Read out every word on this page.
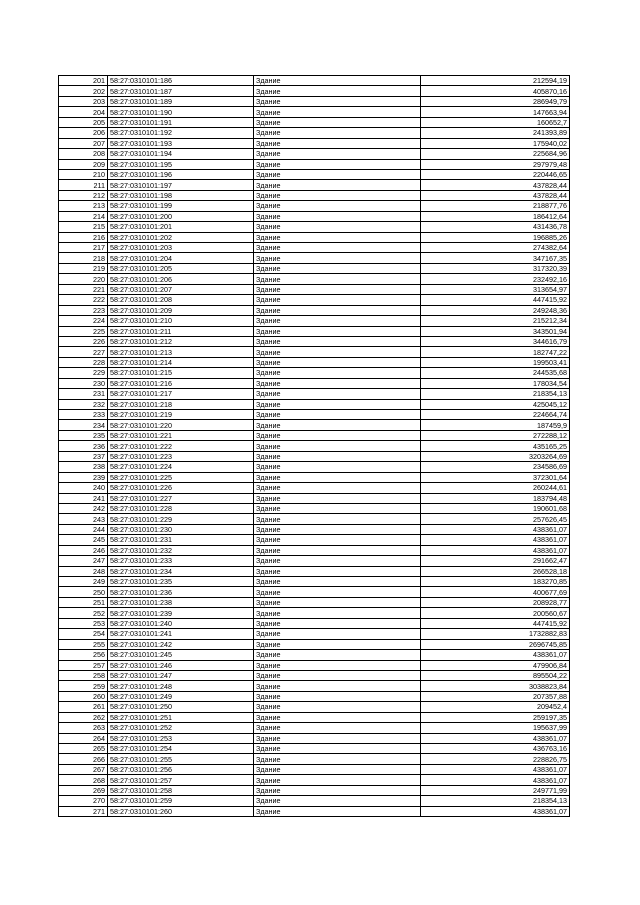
201	58:27:0310101:186	Здание	212594,19
202	58:27:0310101:187	Здание	405870,16
203	58:27:0310101:189	Здание	286949,79
204	58:27:0310101:190	Здание	147663,94
205	58:27:0310101:191	Здание	160652,7
206	58:27:0310101:192	Здание	241393,89
207	58:27:0310101:193	Здание	175940,02
208	58:27:0310101:194	Здание	225684,96
209	58:27:0310101:195	Здание	297979,48
210	58:27:0310101:196	Здание	220446,65
211	58:27:0310101:197	Здание	437828,44
212	58:27:0310101:198	Здание	437828,44
213	58:27:0310101:199	Здание	218877,76
214	58:27:0310101:200	Здание	186412,64
215	58:27:0310101:201	Здание	431436,78
216	58:27:0310101:202	Здание	196885,26
217	58:27:0310101:203	Здание	274382,64
218	58:27:0310101:204	Здание	347167,35
219	58:27:0310101:205	Здание	317320,39
220	58:27:0310101:206	Здание	232492,16
221	58:27:0310101:207	Здание	313654,97
222	58:27:0310101:208	Здание	447415,92
223	58:27:0310101:209	Здание	249248,36
224	58:27:0310101:210	Здание	215212,34
225	58:27:0310101:211	Здание	343501,94
226	58:27:0310101:212	Здание	344616,79
227	58:27:0310101:213	Здание	182747,22
228	58:27:0310101:214	Здание	199503,41
229	58:27:0310101:215	Здание	244535,68
230	58:27:0310101:216	Здание	178034,54
231	58:27:0310101:217	Здание	218354,13
232	58:27:0310101:218	Здание	425045,12
233	58:27:0310101:219	Здание	224664,74
234	58:27:0310101:220	Здание	187459,9
235	58:27:0310101:221	Здание	272288,12
236	58:27:0310101:222	Здание	435165,25
237	58:27:0310101:223	Здание	3203264,69
238	58:27:0310101:224	Здание	234586,69
239	58:27:0310101:225	Здание	372301,64
240	58:27:0310101:226	Здание	260244,61
241	58:27:0310101:227	Здание	183794,48
242	58:27:0310101:228	Здание	190601,68
243	58:27:0310101:229	Здание	257626,45
244	58:27:0310101:230	Здание	438361,07
245	58:27:0310101:231	Здание	438361,07
246	58:27:0310101:232	Здание	438361,07
247	58:27:0310101:233	Здание	291662,47
248	58:27:0310101:234	Здание	266528,18
249	58:27:0310101:235	Здание	183270,85
250	58:27:0310101:236	Здание	400677,69
251	58:27:0310101:238	Здание	208928,77
252	58:27:0310101:239	Здание	200560,67
253	58:27:0310101:240	Здание	447415,92
254	58:27:0310101:241	Здание	1732882,83
255	58:27:0310101:242	Здание	2696745,85
256	58:27:0310101:245	Здание	438361,07
257	58:27:0310101:246	Здание	479906,84
258	58:27:0310101:247	Здание	895504,22
259	58:27:0310101:248	Здание	3038823,84
260	58:27:0310101:249	Здание	207357,88
261	58:27:0310101:250	Здание	209452,4
262	58:27:0310101:251	Здание	259197,35
263	58:27:0310101:252	Здание	195637,99
264	58:27:0310101:253	Здание	438361,07
265	58:27:0310101:254	Здание	436763,16
266	58:27:0310101:255	Здание	228826,75
267	58:27:0310101:256	Здание	438361,07
268	58:27:0310101:257	Здание	438361,07
269	58:27:0310101:258	Здание	249771,99
270	58:27:0310101:259	Здание	218354,13
271	58:27:0310101:260	Здание	438361,07
